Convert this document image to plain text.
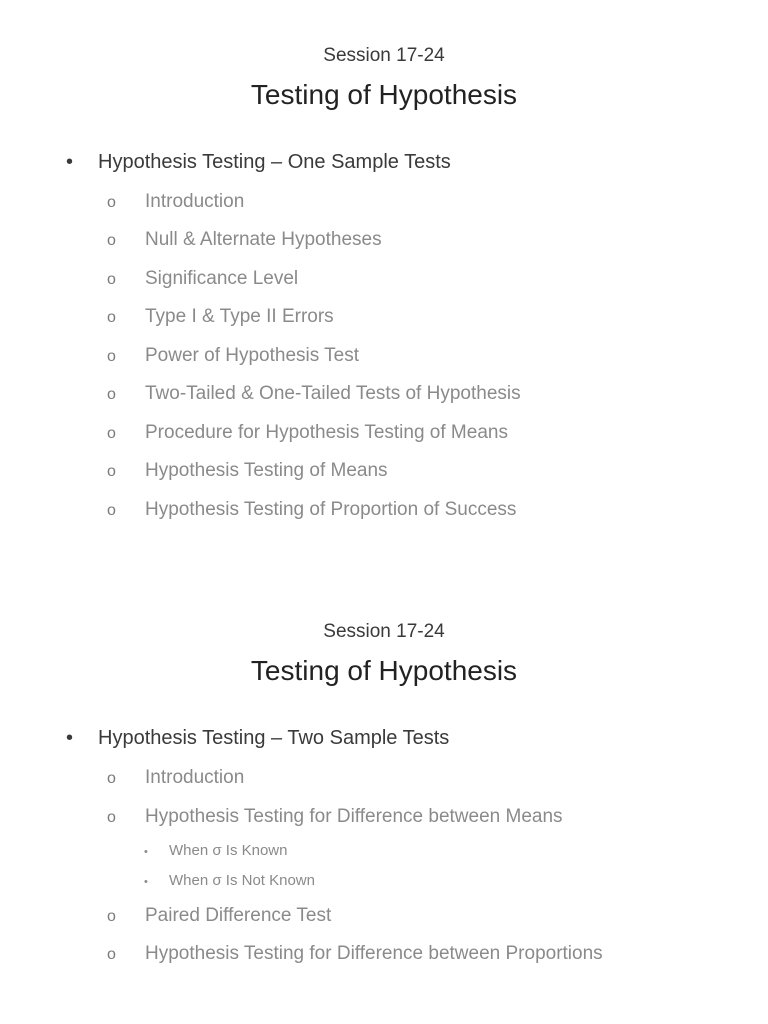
Session 17-24
Testing of Hypothesis
• Hypothesis Testing – One Sample Tests
o Introduction
o Null & Alternate Hypotheses
o Significance Level
o Type I & Type II Errors
o Power of Hypothesis Test
o Two-Tailed & One-Tailed Tests of Hypothesis
o Procedure for Hypothesis Testing of Means
o Hypothesis Testing of Means
o Hypothesis Testing of Proportion of Success
Session 17-24
Testing of Hypothesis
• Hypothesis Testing – Two Sample Tests
o Introduction
o Hypothesis Testing for Difference between Means
• When σ Is Known
• When σ Is Not Known
o Paired Difference Test
o Hypothesis Testing for Difference between Proportions
